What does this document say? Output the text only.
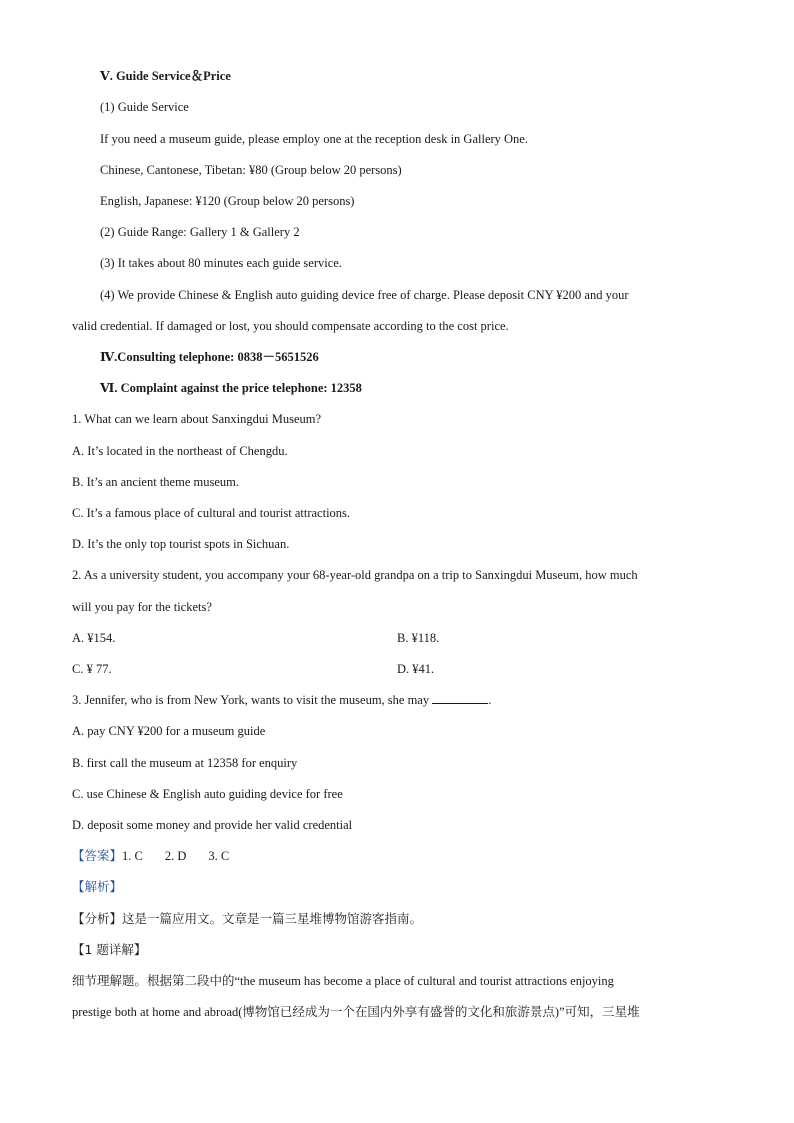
Ⅴ. Guide Service＆Price
(1) Guide Service
If you need a museum guide, please employ one at the reception desk in Gallery One.
Chinese, Cantonese, Tibetan: ¥80 (Group below 20 persons)
English, Japanese: ¥120 (Group below 20 persons)
(2) Guide Range: Gallery 1 & Gallery 2
(3) It takes about 80 minutes each guide service.
(4) We provide Chinese & English auto guiding device free of charge. Please deposit CNY ¥200 and your
valid credential. If damaged or lost, you should compensate according to the cost price.
Ⅳ.Consulting telephone: 0838－5651526
Ⅵ. Complaint against the price telephone: 12358
1. What can we learn about Sanxingdui Museum?
A. It’s located in the northeast of Chengdu.
B. It’s an ancient theme museum.
C. It’s a famous place of cultural and tourist attractions.
D. It’s the only top tourist spots in Sichuan.
2. As a university student, you accompany your 68-year-old grandpa on a trip to Sanxingdui Museum, how much
will you pay for the tickets?
A. ¥154.	B. ¥118.
C. ¥ 77.	D. ¥41.
3. Jennifer, who is from New York, wants to visit the museum, she may	.
A. pay CNY ¥200 for a museum guide
B. first call the museum at 12358 for enquiry
C. use Chinese & English auto guiding device for free
D. deposit some money and provide her valid credential
【答案】1. C 2. D 3. C
【解析】
【分析】这是一篇应用文。文章是一篇三星堆博物馆游客指南。
【1 题详解】
细节理解题。根据第二段中的“the museum has become a place of cultural and tourist attractions enjoying
prestige both at home and abroad(博物馆已经成为一个在国内外享有盛誉的文化和旅游景点)”可知，三星堆
